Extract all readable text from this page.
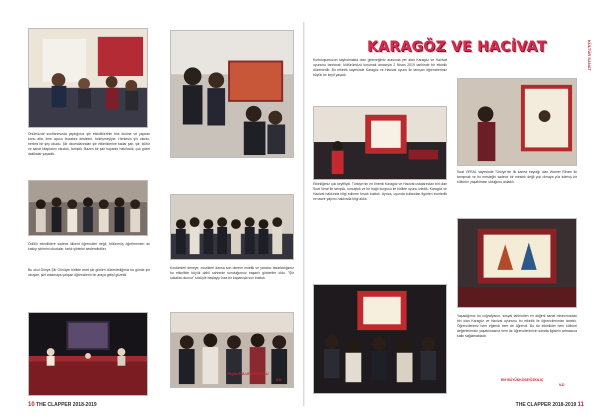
Önümüzde sınıflarımızda yaptığımız şiir etkinliklerinin bini öküme ve yapılan konu atla, lime uçucu bozakez desteleri, binleşmeyiyle. Herkesin şiir okudu, herkes bir şey okudu. Şiir okumalarından şiir etkinliklerine kadar şair, şiir, kültür ve sanat kitaplarını okuduk, tartıştık. Bazen bir şair hayatını hatırladık, çok güzel dakikalar yaşadık.
Ödüllü etkinliklere sadece lilikent öğrencileri değil, bölünmüş öğretmenleri de katılıp şiirlerini okudular, farklı şiirlerini seslendirdiler.
Bu okul Dünya Şiir Günüyle birlikte mart şiir günleri düzenlediğimiz bu günde şiir okuyan, şiiri anlamaya çalışan öğrencilerin bir araya gelişi güzeldi.
Kostümleri deneye, mozikleri dansa son derece estetik ve yaratıcı tasarladığımız bu etkinlikte büyük dahil sahnede sunduğumuz başarılı gösteriler oldu. "Şiir sokakta okunur" sözüyle başlayıp kısa bir kapanışla son bulduk.
Feyza BULUT/A PROĞLU
9-D
10 THE CLAPPER 2018-2019
KARAGÖZ VE HACİVAT	KÜLTÜR SANAT
Kurtuluşumuzun kaybolmakta olan geleneğimiz arasında yer alan Karagöz ve Hacivat oyununu tanıtmak, kültürümüzü korumak amacıyla 2 Nisan 2019 tarihinde bir etkinlik düzenledik. Bu etkinlik sayesinde Karagöz ve Hacivat oyunu ile tanışan öğrencilerimiz büyük bir keyif yaşadı.
Etkinliğimiz çok keyifliydi. Türkiye'nin en önemli Karagöz ve Hacivat ustalarından biri olan Suat Veral ile tanıştık, konuştuk ve bir bağlı kurgusu ile birlikte oyunu izledik. Karagöz ve Hacivat hakkında bilgi edinme fırsatı bulduk. Ayrıca, oyunda kullanılan figürleri inceledik ve tasvir yapımı hakkında bilgi aldık.
Suat VERAL sayesinde Türkiye'nin ilk karma bayrağı olan Warner Elham ile tanışmak ve bu mesleğin sadece bir meslek değil yok olmaya yüz tutmuş bir kültürün yaşatılması olduğunu anladık.
Yaşadığımız bu coğrafyanın, sosyal tarihinden en değerli sanat mirasımızdan biri olan Karagöz ve Hacivat oyununu bu etkinlik ile öğrencilerimize tanıttık. Öğrencilerimiz hem eğlendi hem de öğrendi. Bu tür etkinlikler hem kültürel değerlerimizin yaşatılmasına hem de öğrencilerimizin sanata ilgisinin artmasına katkı sağlamaktadır.
Elif BÜYÜKKÖSE/ÖZKILIÇ
9-D
THE CLAPPER 2018-2019 11
